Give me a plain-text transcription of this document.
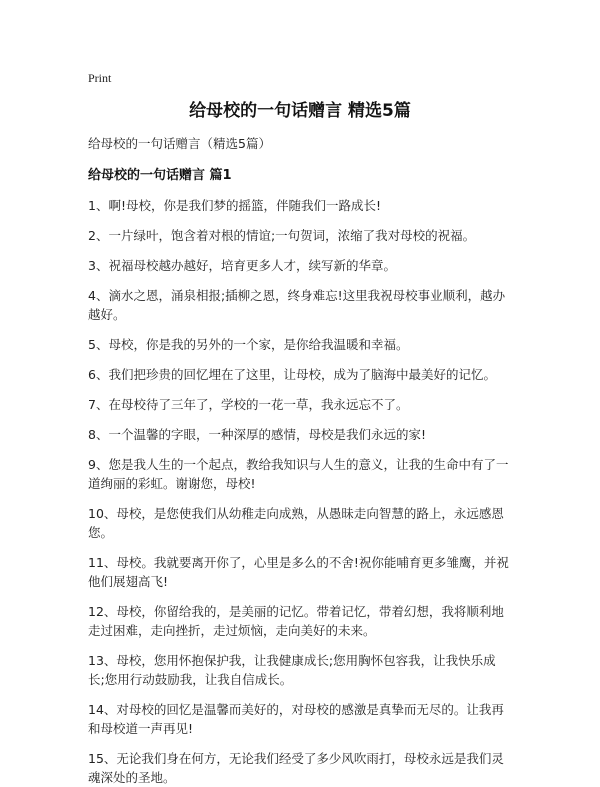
Print
给母校的一句话赠言 精选5篇
给母校的一句话赠言（精选5篇）
给母校的一句话赠言 篇1
1、啊!母校，你是我们梦的摇篮，伴随我们一路成长!
2、一片绿叶，饱含着对根的情谊;一句贺词，浓缩了我对母校的祝福。
3、祝福母校越办越好，培育更多人才，续写新的华章。
4、滴水之恩，涌泉相报;插柳之恩，终身难忘!这里我祝母校事业顺利，越办越好。
5、母校，你是我的另外的一个家，是你给我温暖和幸福。
6、我们把珍贵的回忆埋在了这里，让母校，成为了脑海中最美好的记忆。
7、在母校待了三年了，学校的一花一草，我永远忘不了。
8、一个温馨的字眼，一种深厚的感情，母校是我们永远的家!
9、您是我人生的一个起点，教给我知识与人生的意义，让我的生命中有了一道绚丽的彩虹。谢谢您，母校!
10、母校，是您使我们从幼稚走向成熟，从愚昧走向智慧的路上，永远感恩您。
11、母校。我就要离开你了，心里是多么的不舍!祝你能哺育更多雏鹰，并祝他们展翅高飞!
12、母校，你留给我的，是美丽的记忆。带着记忆，带着幻想，我将顺利地走过困难，走向挫折，走过烦恼，走向美好的未来。
13、母校，您用怀抱保护我，让我健康成长;您用胸怀包容我，让我快乐成长;您用行动鼓励我，让我自信成长。
14、对母校的回忆是温馨而美好的，对母校的感激是真挚而无尽的。让我再和母校道一声再见!
15、无论我们身在何方，无论我们经受了多少风吹雨打，母校永远是我们灵魂深处的圣地。
